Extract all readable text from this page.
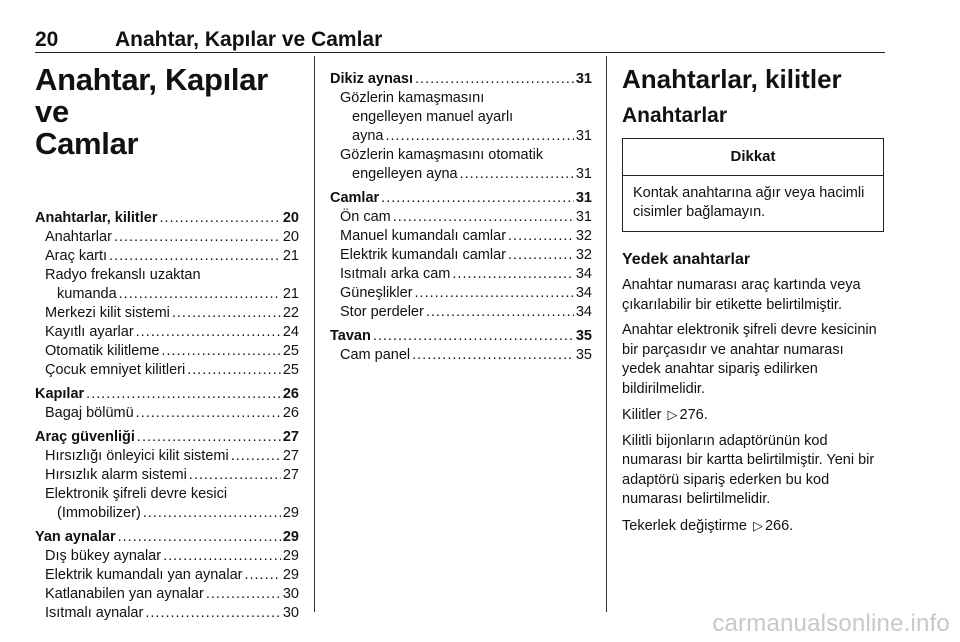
20	Anahtar, Kapılar ve Camlar
Anahtar, Kapılar ve
Camlar
Anahtarlar, kilitler .....	20
Anahtarlar .....	20
Araç kartı .....	21
Radyo frekanslı uzaktan
kumanda .....	21
Merkezi kilit sistemi .....	22
Kayıtlı ayarlar .....	24
Otomatik kilitleme .....	25
Çocuk emniyet kilitleri .....	25
Kapılar .....	26
Bagaj bölümü .....	26
Araç güvenliği .....	27
Hırsızlığı önleyici kilit sistemi .....	27
Hırsızlık alarm sistemi .....	27
Elektronik şifreli devre kesici
(Immobilizer) .....	29
Yan aynalar .....	29
Dış bükey aynalar .....	29
Elektrik kumandalı yan aynalar .....	29
Katlanabilen yan aynalar .....	30
Isıtmalı aynalar .....	30
Dikiz aynası .....	31
Gözlerin kamaşmasını
engelleyen manuel ayarlı
ayna .....	31
Gözlerin kamaşmasını otomatik
engelleyen ayna .....	31
Camlar .....	31
Ön cam .....	31
Manuel kumandalı camlar .....	32
Elektrik kumandalı camlar .....	32
Isıtmalı arka cam .....	34
Güneşlikler .....	34
Stor perdeler .....	34
Tavan .....	35
Cam panel .....	35
Anahtarlar, kilitler
Anahtarlar
Dikkat
Kontak anahtarına ağır veya hacimli cisimler bağlamayın.
Yedek anahtarlar

Anahtar numarası araç kartında veya çıkarılabilir bir etikette belirtilmiştir.

Anahtar elektronik şifreli devre kesicinin bir parçasıdır ve anahtar numarası yedek anahtar sipariş edilirken bildirilmelidir.

Kilitler ▷ 276.

Kilitli bijonların adaptörünün kod numarası bir kartta belirtilmiştir. Yeni bir adaptörü sipariş ederken bu kod numarası belirtilmelidir.

Tekerlek değiştirme ▷ 266.

carmanualsonline.info
